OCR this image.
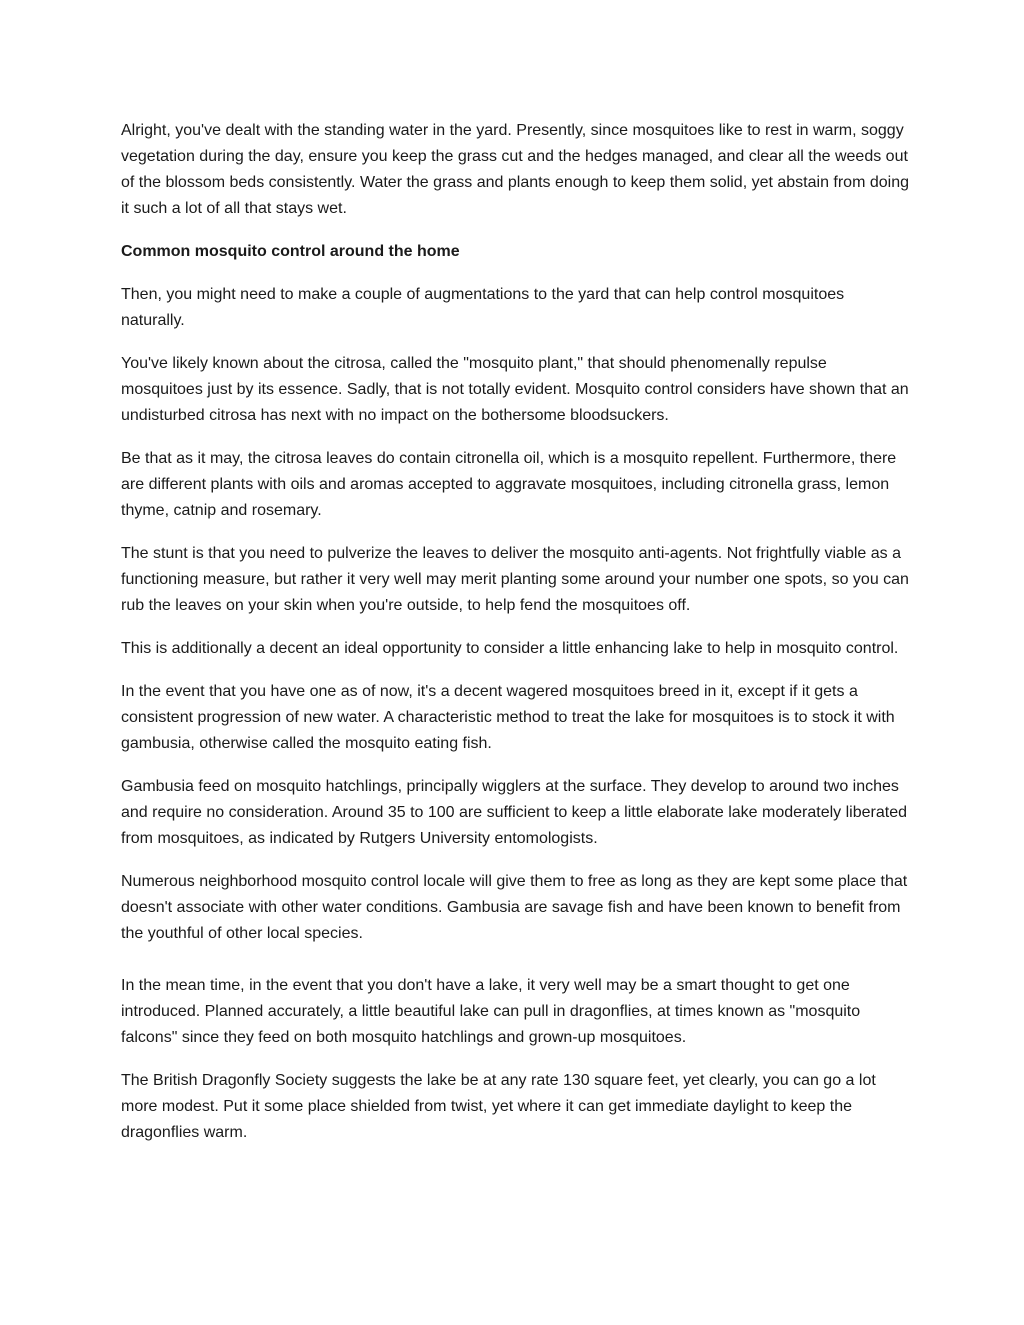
Alright, you've dealt with the standing water in the yard. Presently, since mosquitoes like to rest in warm, soggy vegetation during the day, ensure you keep the grass cut and the hedges managed, and clear all the weeds out of the blossom beds consistently. Water the grass and plants enough to keep them solid, yet abstain from doing it such a lot of all that stays wet.

Common mosquito control around the home

Then, you might need to make a couple of augmentations to the yard that can help control mosquitoes naturally.

You've likely known about the citrosa, called the "mosquito plant," that should phenomenally repulse mosquitoes just by its essence. Sadly, that is not totally evident. Mosquito control considers have shown that an undisturbed citrosa has next with no impact on the bothersome bloodsuckers.

Be that as it may, the citrosa leaves do contain citronella oil, which is a mosquito repellent. Furthermore, there are different plants with oils and aromas accepted to aggravate mosquitoes, including citronella grass, lemon thyme, catnip and rosemary.

The stunt is that you need to pulverize the leaves to deliver the mosquito anti-agents. Not frightfully viable as a functioning measure, but rather it very well may merit planting some around your number one spots, so you can rub the leaves on your skin when you're outside, to help fend the mosquitoes off.

This is additionally a decent an ideal opportunity to consider a little enhancing lake to help in mosquito control.

In the event that you have one as of now, it's a decent wagered mosquitoes breed in it, except if it gets a consistent progression of new water. A characteristic method to treat the lake for mosquitoes is to stock it with gambusia, otherwise called the mosquito eating fish.

Gambusia feed on mosquito hatchlings, principally wigglers at the surface. They develop to around two inches and require no consideration. Around 35 to 100 are sufficient to keep a little elaborate lake moderately liberated from mosquitoes, as indicated by Rutgers University entomologists.

Numerous neighborhood mosquito control locale will give them to free as long as they are kept some place that doesn't associate with other water conditions. Gambusia are savage fish and have been known to benefit from the youthful of other local species.

In the mean time, in the event that you don't have a lake, it very well may be a smart thought to get one introduced. Planned accurately, a little beautiful lake can pull in dragonflies, at times known as "mosquito falcons" since they feed on both mosquito hatchlings and grown-up mosquitoes.

The British Dragonfly Society suggests the lake be at any rate 130 square feet, yet clearly, you can go a lot more modest. Put it some place shielded from twist, yet where it can get immediate daylight to keep the dragonflies warm.
